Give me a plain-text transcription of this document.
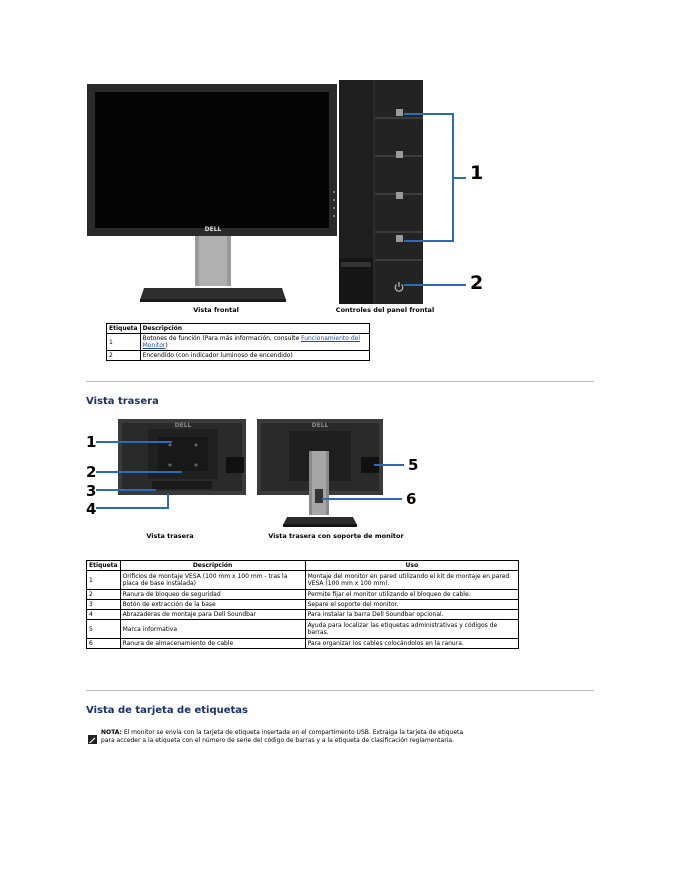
DELL
Vista frontal
1
2
Controles del panel frontal
Etiqueta	Descripción
1	Botones de función (Para más información, consulte Funcionamiento del Monitor)
2	Encendido (con indicador luminoso de encendido)
Vista trasera
DELL	DELL
1
2
3
4
5
6
Vista trasera	Vista trasera con soporte de monitor
Etiqueta	Descripción	Uso
1	Orificios de montaje VESA (100 mm x 100 mm - tras la placa de base instalada)	Montaje del monitor en pared utilizando el kit de montaje en pared VESA (100 mm x 100 mm).
2	Ranura de bloqueo de seguridad	Permite fijar el monitor utilizando el bloqueo de cable.
3	Botón de extracción de la base	Separe el soporte del monitor.
4	Abrazaderas de montaje para Dell Soundbar	Para instalar la barra Dell Soundbar opcional.
5	Marca informativa	Ayuda para localizar las etiquetas administrativas y códigos de barras.
6	Ranura de almacenamiento de cable	Para organizar los cables colocándolos en la ranura.
Vista de tarjeta de etiquetas
NOTA: El monitor se envía con la tarjeta de etiqueta insertada en el compartimento USB. Extraiga la tarjeta de etiqueta para acceder a la etiqueta con el número de serie del código de barras y a la etiqueta de clasificación reglamentaria.
